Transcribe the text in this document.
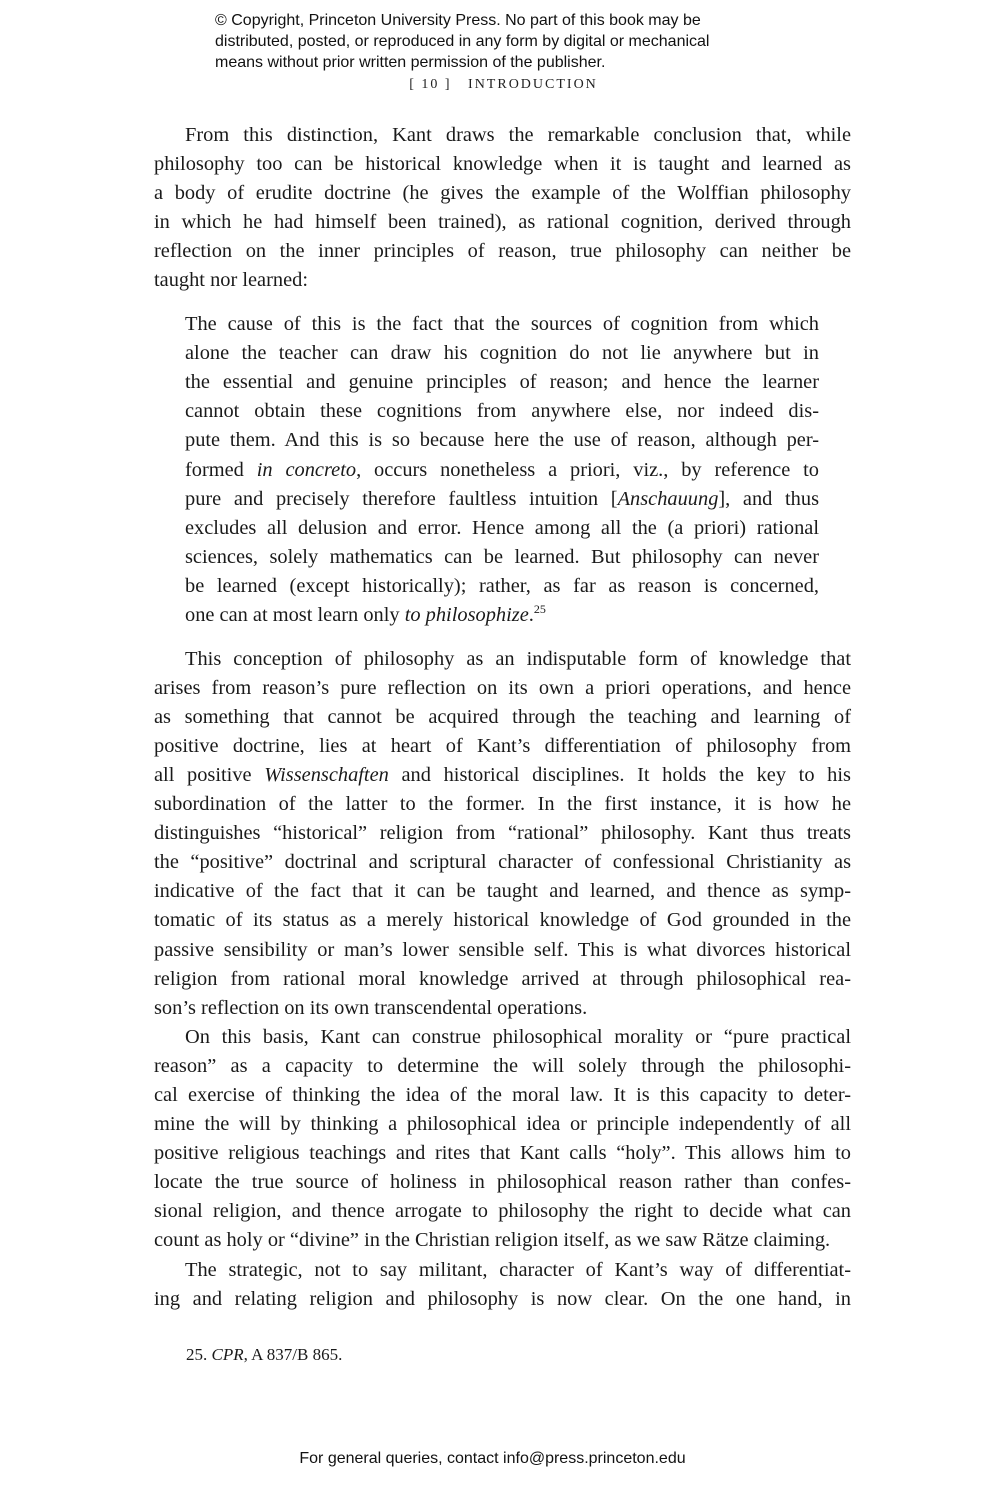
© Copyright, Princeton University Press. No part of this book may be
distributed, posted, or reproduced in any form by digital or mechanical
means without prior written permission of the publisher.
[ 10 ] INTRODUCTION
From this distinction, Kant draws the remarkable conclusion that, while
philosophy too can be historical knowledge when it is taught and learned as
a body of erudite doctrine (he gives the example of the Wolffian philosophy
in which he had himself been trained), as rational cognition, derived through
reflection on the inner principles of reason, true philosophy can neither be
taught nor learned:
The cause of this is the fact that the sources of cognition from which
alone the teacher can draw his cognition do not lie anywhere but in
the essential and genuine principles of reason; and hence the learner
cannot obtain these cognitions from anywhere else, nor indeed dis-
pute them. And this is so because here the use of reason, although per-
formed in concreto, occurs nonetheless a priori, viz., by reference to
pure and precisely therefore faultless intuition [Anschauung], and thus
excludes all delusion and error. Hence among all the (a priori) rational
sciences, solely mathematics can be learned. But philosophy can never
be learned (except historically); rather, as far as reason is concerned,
one can at most learn only to philosophize.$^{25}$
This conception of philosophy as an indisputable form of knowledge that
arises from reason’s pure reflection on its own a priori operations, and hence
as something that cannot be acquired through the teaching and learning of
positive doctrine, lies at heart of Kant’s differentiation of philosophy from
all positive Wissenschaften and historical disciplines. It holds the key to his
subordination of the latter to the former. In the first instance, it is how he
distinguishes “historical” religion from “rational” philosophy. Kant thus treats
the “positive” doctrinal and scriptural character of confessional Christianity as
indicative of the fact that it can be taught and learned, and thence as symp-
tomatic of its status as a merely historical knowledge of God grounded in the
passive sensibility or man’s lower sensible self. This is what divorces historical
religion from rational moral knowledge arrived at through philosophical rea-
son’s reflection on its own transcendental operations.
On this basis, Kant can construe philosophical morality or “pure practical
reason” as a capacity to determine the will solely through the philosophi-
cal exercise of thinking the idea of the moral law. It is this capacity to deter-
mine the will by thinking a philosophical idea or principle independently of all
positive religious teachings and rites that Kant calls “holy”. This allows him to
locate the true source of holiness in philosophical reason rather than confes-
sional religion, and thence arrogate to philosophy the right to decide what can
count as holy or “divine” in the Christian religion itself, as we saw Rätze claiming.
The strategic, not to say militant, character of Kant’s way of differentiat-
ing and relating religion and philosophy is now clear. On the one hand, in
25. CPR, A 837/B 865.
For general queries, contact info@press.princeton.edu
